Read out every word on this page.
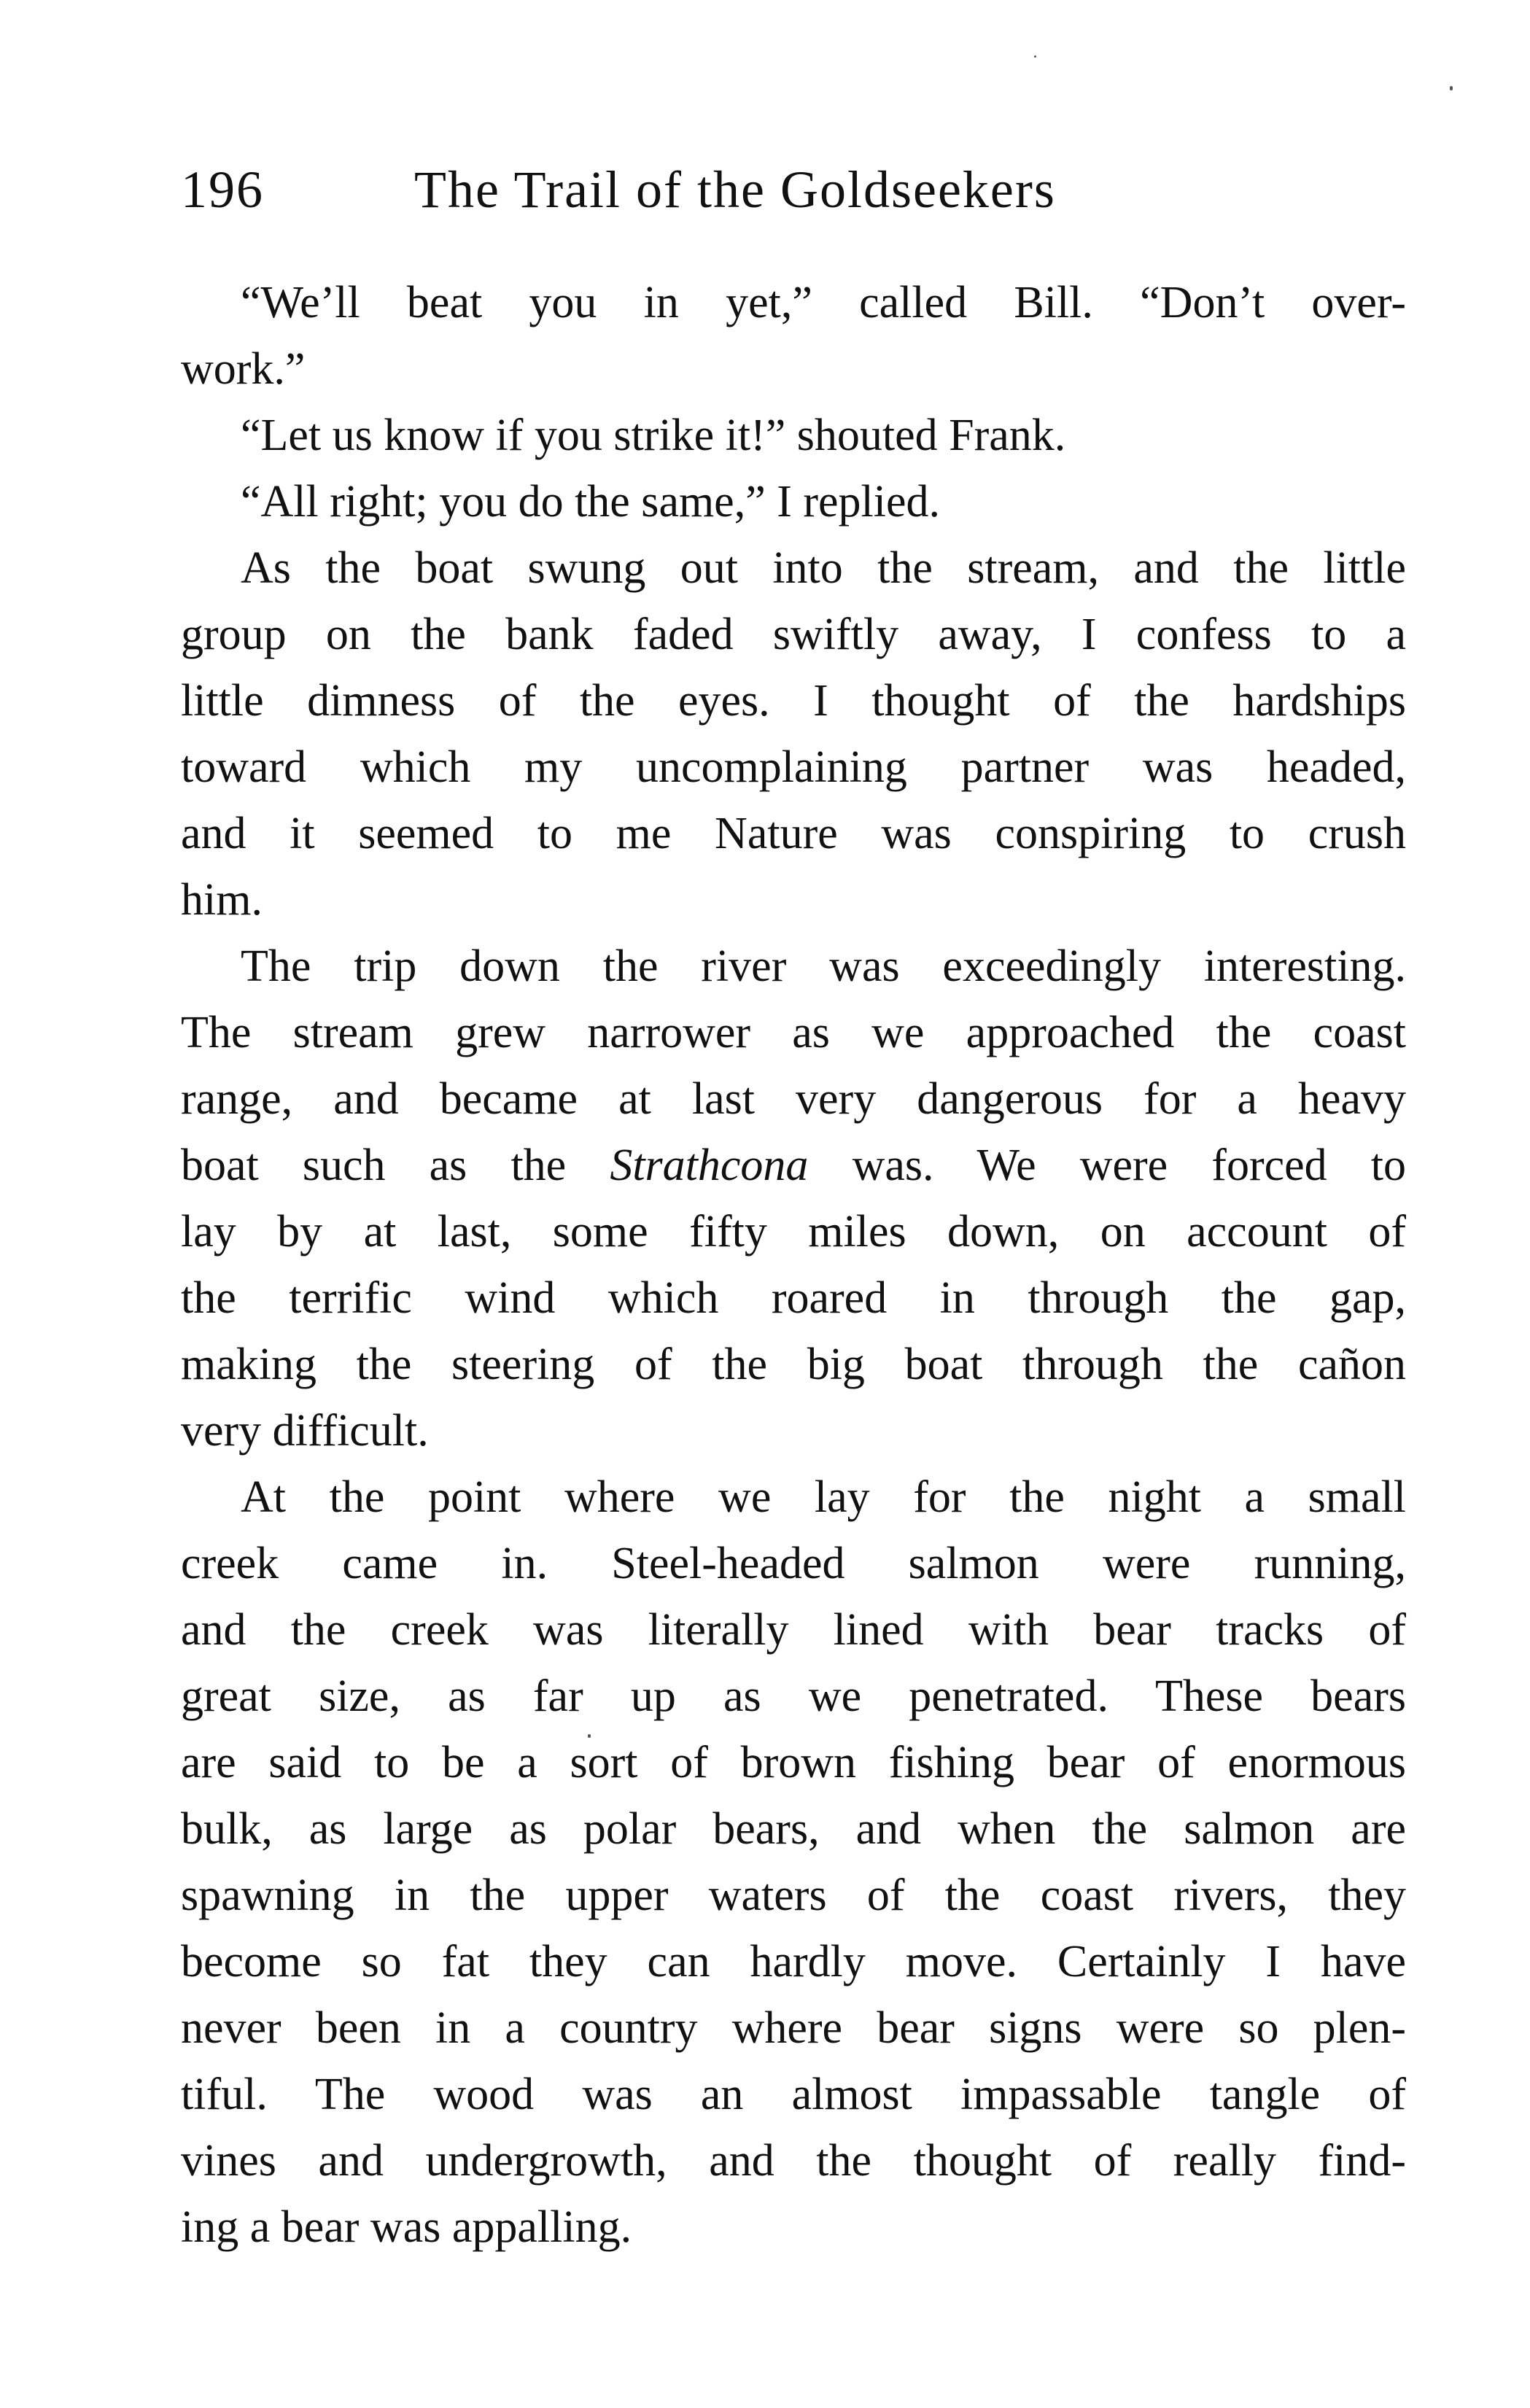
196	The Trail of the Goldseekers
“We’ll beat you in yet,” called Bill. “Don’t over-
work.”
“Let us know if you strike it!” shouted Frank.
“All right; you do the same,” I replied.
As the boat swung out into the stream, and the little
group on the bank faded swiftly away, I confess to a
little dimness of the eyes. I thought of the hardships
toward which my uncomplaining partner was headed,
and it seemed to me Nature was conspiring to crush
him.
The trip down the river was exceedingly interesting.
The stream grew narrower as we approached the coast
range, and became at last very dangerous for a heavy
boat such as the Strathcona was. We were forced to
lay by at last, some fifty miles down, on account of
the terrific wind which roared in through the gap,
making the steering of the big boat through the cañon
very difficult.
At the point where we lay for the night a small
creek came in. Steel-headed salmon were running,
and the creek was literally lined with bear tracks of
great size, as far up as we penetrated. These bears
are said to be a sort of brown fishing bear of enormous
bulk, as large as polar bears, and when the salmon are
spawning in the upper waters of the coast rivers, they
become so fat they can hardly move. Certainly I have
never been in a country where bear signs were so plen-
tiful. The wood was an almost impassable tangle of
vines and undergrowth, and the thought of really find-
ing a bear was appalling.
